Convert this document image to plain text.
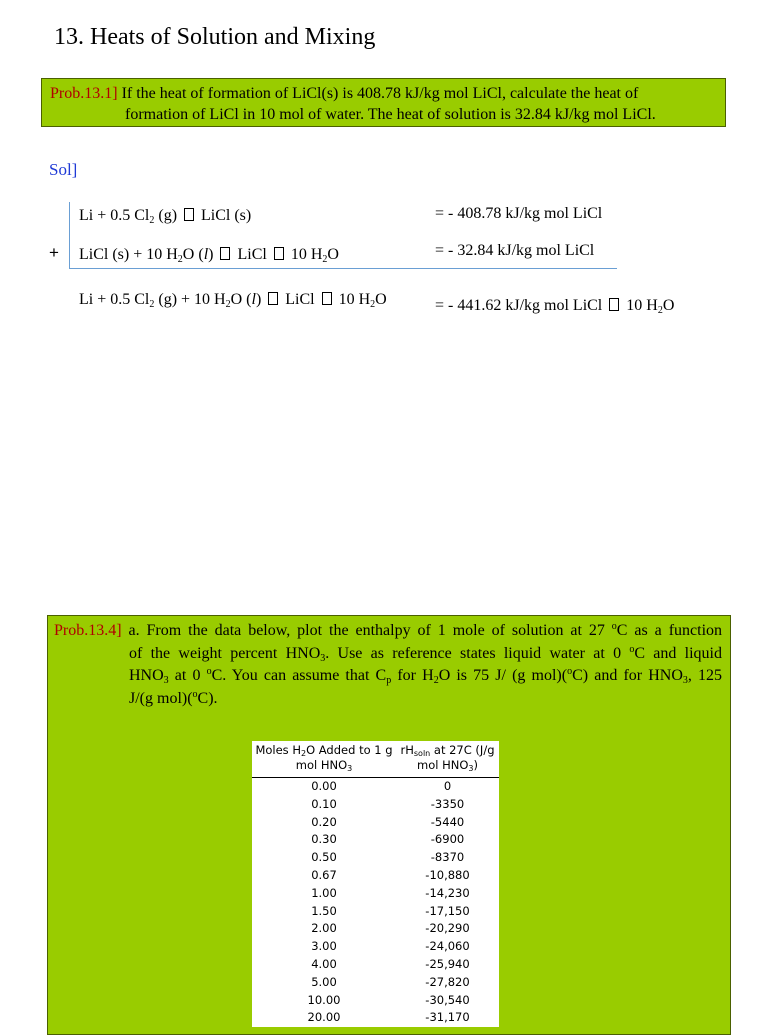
13. Heats of Solution and Mixing
Prob.13.1] If the heat of formation of LiCl(s) is 408.78 kJ/kg mol LiCl, calculate the heat of
formation of LiCl in 10 mol of water. The heat of solution is 32.84 kJ/kg mol LiCl.
Sol]
+
Li + 0.5 $Cl_2$ (g)  LiCl (s)	= - 408.78 kJ/kg mol LiCl
LiCl (s) + 10 $H_2O$ (l)  LiCl  10 $H_2O$	= - 32.84 kJ/kg mol LiCl
Li + 0.5 $Cl_2$ (g) + 10 $H_2O$ (l)  LiCl  10 $H_2O$	= - 441.62 kJ/kg mol LiCl  10 $H_2O$
Prob.13.4] a. From the data below, plot the enthalpy of 1 mole of solution at 27 $^o$C as a function
of the weight percent $HNO_3$. Use as reference states liquid water at 0 $^o$C and liquid
$HNO_3$ at 0 $^o$C. You can assume that $C_p$ for $H_2O$ is 75 J/ (g mol)($^o$C) and for $HNO_3$, 125
J/(g mol)($^o$C).
Moles $H_2O$ Added to 1 g
mol $HNO_3$
$rH_{soln}$ at 27C (J/g
mol $HNO_3$)
0.00	0
0.10	-3350
0.20	-5440
0.30	-6900
0.50	-8370
0.67	-10,880
1.00	-14,230
1.50	-17,150
2.00	-20,290
3.00	-24,060
4.00	-25,940
5.00	-27,820
10.00	-30,540
20.00	-31,170
